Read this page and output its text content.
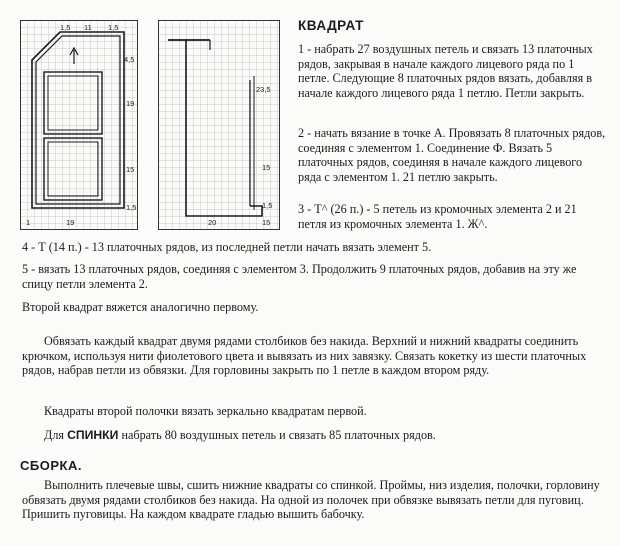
1,5 11 1,5
4,5
19
15
1,5
1	19
23,5
15
1,5
20	15
КВАДРАТ

1 - набрать 27 воздушных петель и связать 13 платочных рядов, закрывая в начале каждого лицевого ряда по 1 петле. Следующие 8 платочных рядов вязать, добавляя в начале каждого лицевого ряда 1 петлю. Петли закрыть.

2 - начать вязание в точке А. Провязать 8 платочных рядов, соединяя с элементом 1. Соединение Ф. Вязать 5 платочных рядов, соединяя в начале каждого лицевого ряда с элементом 1. 21 петлю закрыть.

3 - Т^ (26 п.) - 5 петель из кромочных элемента 2 и 21 петля из кромочных элемента 1. Ж^.

4 - Т (14 п.) - 13 платочных рядов, из последней петли начать вязать элемент 5.

5 - вязать 13 платочных рядов, соединяя с элементом 3. Продолжить 9 платочных рядов, добавив на эту же спицу петли элемента 2.

Второй квадрат вяжется аналогично первому.

Обвязать каждый квадрат двумя рядами столбиков без накида. Верхний и нижний квадраты соединить крючком, используя нити фиолетового цвета и вывязать из них завязку. Связать кокетку из шести платочных рядов, набрав петли из обвязки. Для горловины закрыть по 1 петле в каждом втором ряду.

Квадраты второй полочки вязать зеркально квадратам первой.

Для СПИНКИ набрать 80 воздушных петель и связать 85 платочных рядов.

СБОРКА.

Выполнить плечевые швы, сшить нижние квадраты со спинкой. Проймы, низ изделия, полочки, горловину обвязать двумя рядами столбиков без накида. На одной из полочек при обвязке вывязать петли для пуговиц. Пришить пуговицы. На каждом квадрате гладью вышить бабочку.
